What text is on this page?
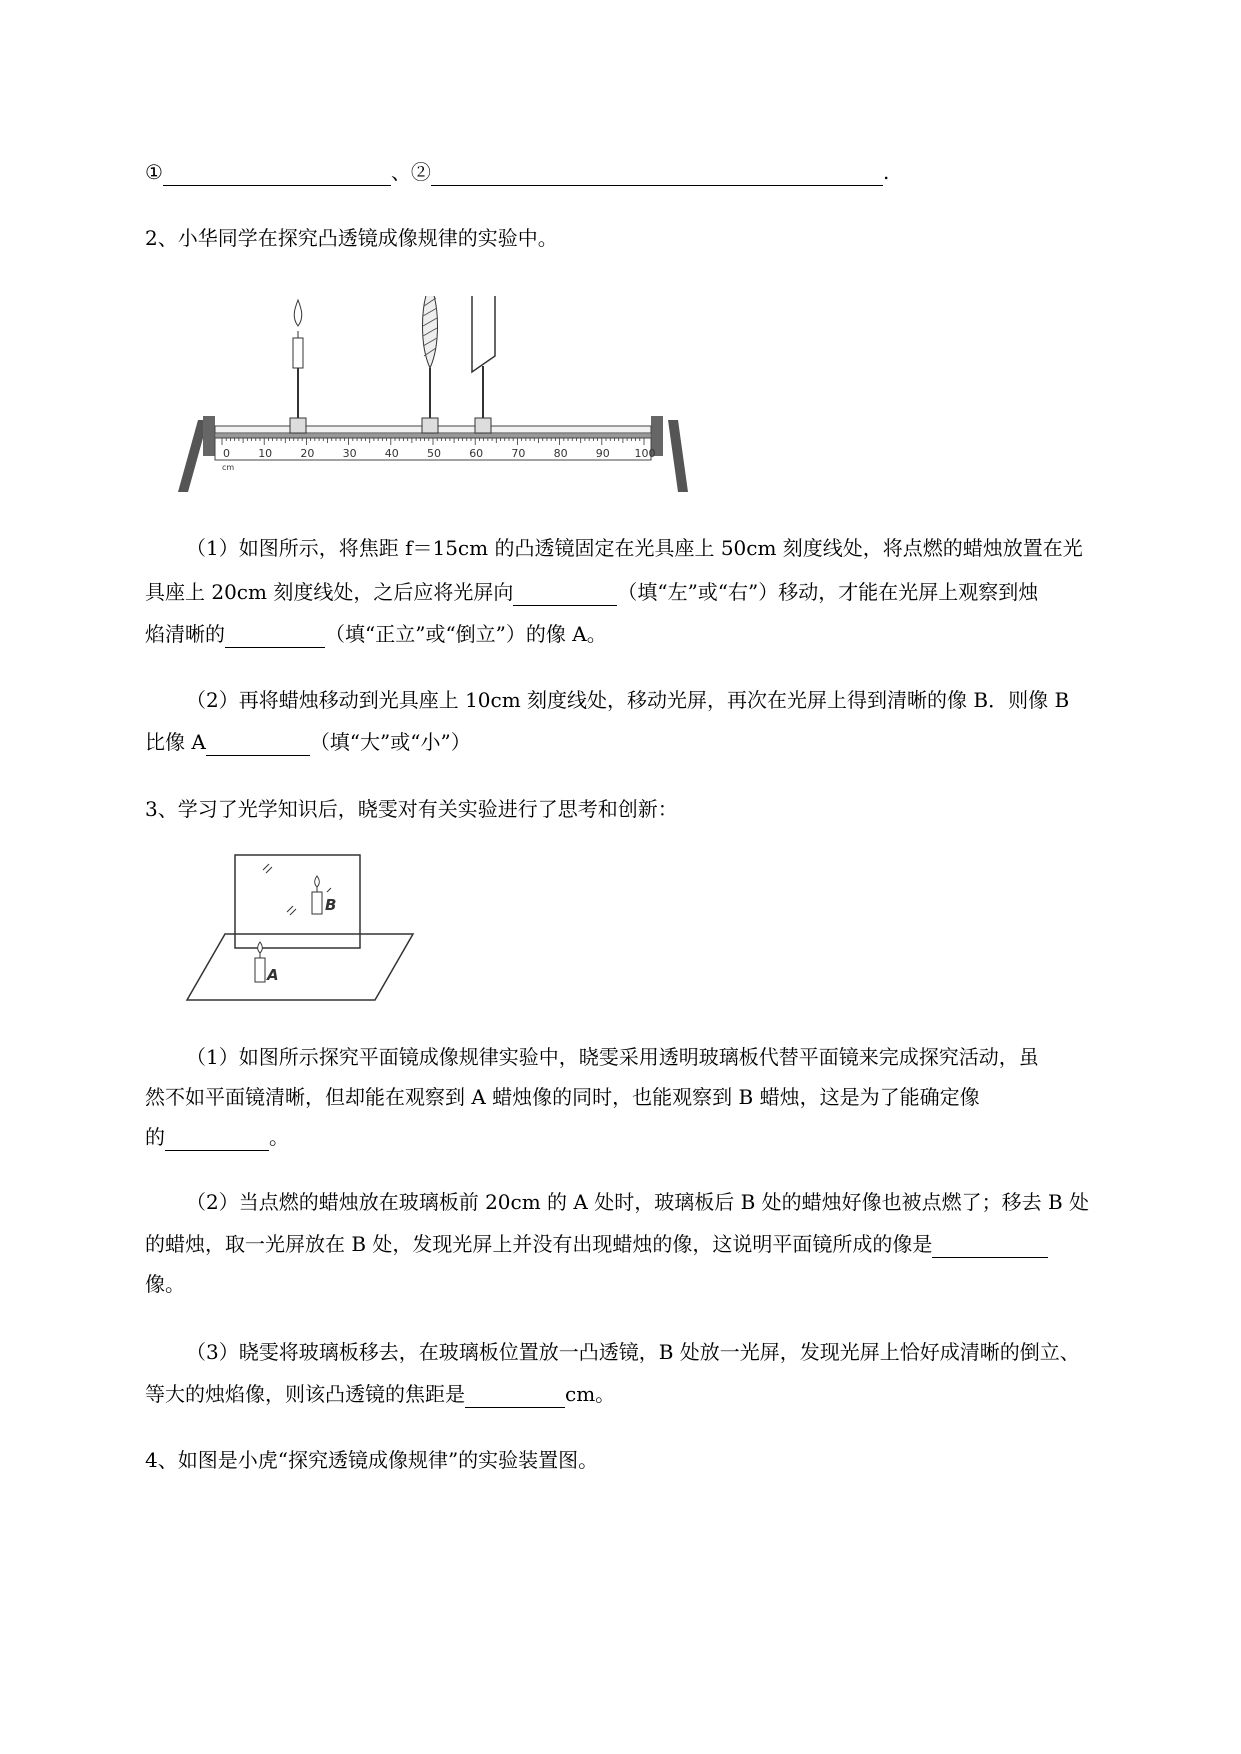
①	、②	.
2、小华同学在探究凸透镜成像规律的实验中。
0	10	20	30	40	50	60	70	80	90 100
cm
（1）如图所示，将焦距 f＝15cm 的凸透镜固定在光具座上 50cm 刻度线处，将点燃的蜡烛放置在光
具座上 20cm 刻度线处，之后应将光屏向	（填“左”或“右”）移动，才能在光屏上观察到烛
焰清晰的	（填“正立”或“倒立”）的像 A。
（2）再将蜡烛移动到光具座上 10cm 刻度线处，移动光屏，再次在光屏上得到清晰的像 B．则像 B
比像 A	（填“大”或“小”）
3、学习了光学知识后，晓雯对有关实验进行了思考和创新：
B
A
（1）如图所示探究平面镜成像规律实验中，晓雯采用透明玻璃板代替平面镜来完成探究活动，虽
然不如平面镜清晰，但却能在观察到 A 蜡烛像的同时，也能观察到 B 蜡烛，这是为了能确定像
的	。
（2）当点燃的蜡烛放在玻璃板前 20cm 的 A 处时，玻璃板后 B 处的蜡烛好像也被点燃了；移去 B 处
的蜡烛，取一光屏放在 B 处，发现光屏上并没有出现蜡烛的像，这说明平面镜所成的像是
像。
（3）晓雯将玻璃板移去，在玻璃板位置放一凸透镜，B 处放一光屏，发现光屏上恰好成清晰的倒立、
等大的烛焰像，则该凸透镜的焦距是	cm。
4、如图是小虎“探究透镜成像规律”的实验装置图。
